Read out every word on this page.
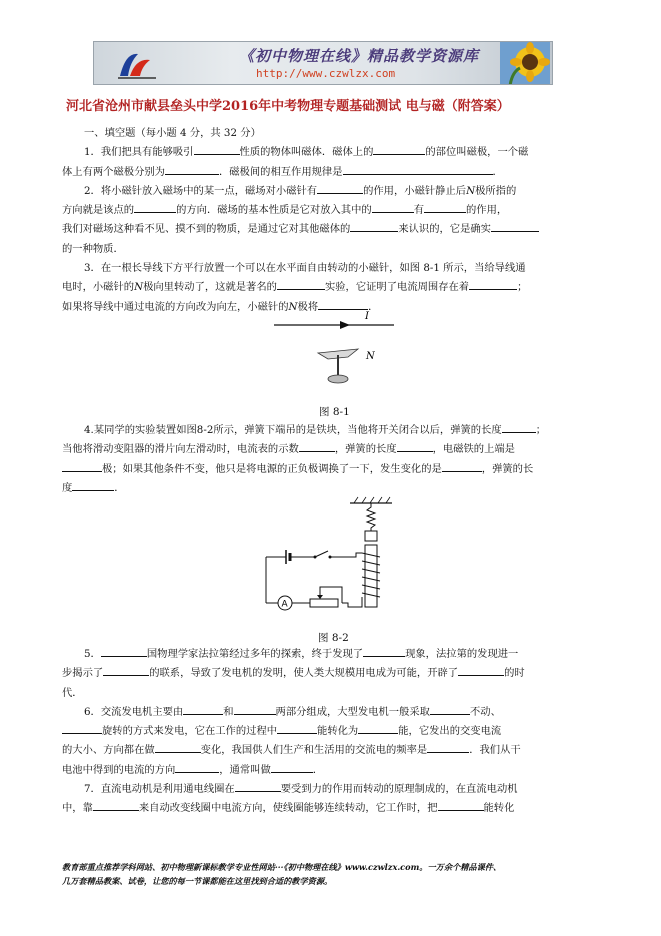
《初中物理在线》精品教学资源库
http://www.czwlzx.com
河北省沧州市献县垒头中学2016年中考物理专题基础测试 电与磁（附答案）

一、填空题（每小题 4 分，共 32 分）

1．我们把具有能够吸引	性质的物体叫磁体．磁体上的	的部位叫磁极，一个磁

体上有两个磁极分别为	．磁极间的相互作用规律是	．

2．将小磁针放入磁场中的某一点，磁场对小磁针有	的作用，小磁针静止后N极所指的

方向就是该点的	的方向．磁场的基本性质是它对放入其中的	有	的作用，

我们对磁场这种看不见、摸不到的物质，是通过它对其他磁体的	来认识的，它是确实

的一种物质．

3．在一根长导线下方平行放置一个可以在水平面自由转动的小磁针，如图 8-1 所示，当给导线通

电时，小磁针的N极向里转动了，这就是著名的	实验，它证明了电流周围存在着	；

如果将导线中通过电流的方向改为向左，小磁针的N极将	．

I
N
图 8-1

4.某同学的实验装置如图8-2所示，弹簧下端吊的是铁块，当他将开关闭合以后，弹簧的长度	；

当他将滑动变阻器的滑片向左滑动时，电流表的示数	，弹簧的长度	，电磁铁的上端是

极；如果其他条件不变，他只是将电源的正负极调换了一下，发生变化的是	，弹簧的长

度	．

A
图 8-2

5．	国物理学家法拉第经过多年的探索，终于发现了	现象，法拉第的发现进一

步揭示了	的联系，导致了发电机的发明，使人类大规模用电成为可能，开辟了	的时

代．

6．交流发电机主要由	和	两部分组成，大型发电机一般采取	不动、

旋转的方式来发电，它在工作的过程中	能转化为	能，它发出的交变电流

的大小、方向都在做	变化，我国供人们生产和生活用的交流电的频率是	．我们从干

电池中得到的电流的方向	，通常叫做	．

7．直流电动机是利用通电线圈在	要受到力的作用而转动的原理制成的，在直流电动机

中，靠	来自动改变线圈中电流方向，使线圈能够连续转动，它工作时，把	能转化

教育部重点推荐学科网站、初中物理新课标教学专业性网站···《初中物理在线》www.czwlzx.com。一万余个精品课件、
几万套精品教案、试卷，让您的每一节课都能在这里找到合适的教学资源。
